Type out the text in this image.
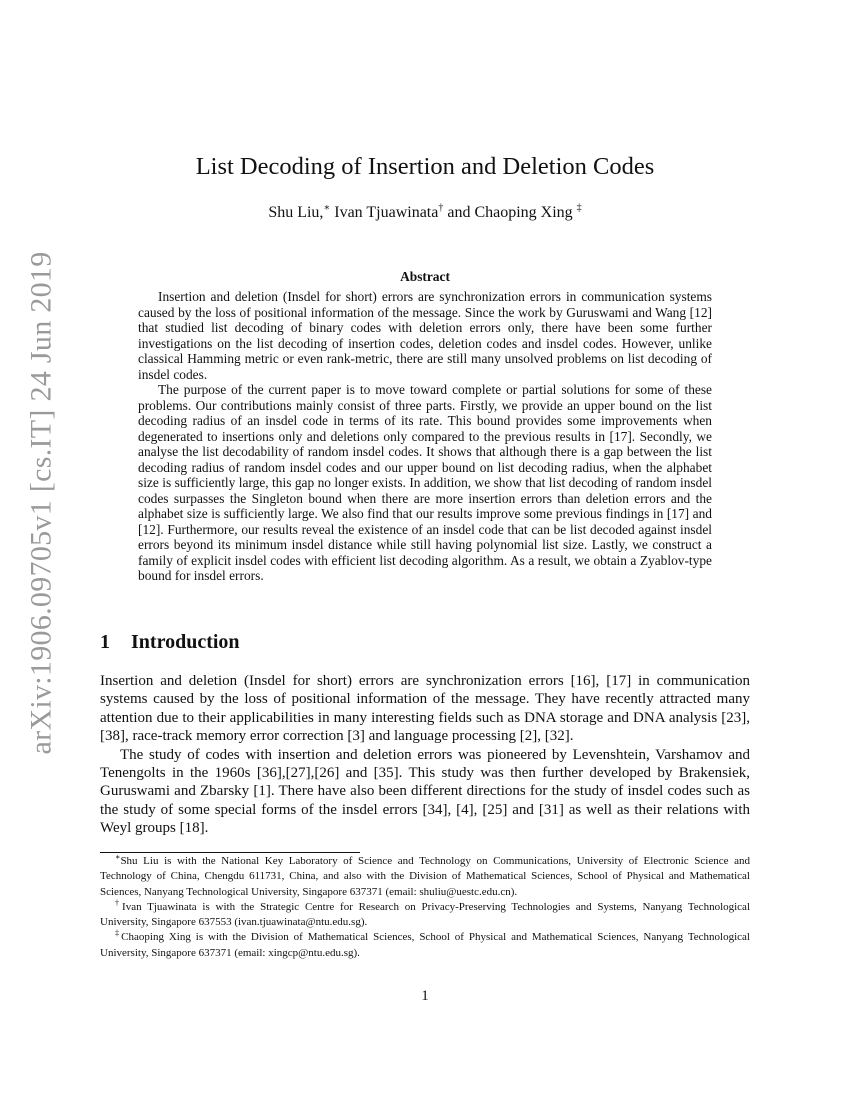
arXiv:1906.09705v1 [cs.IT] 24 Jun 2019
List Decoding of Insertion and Deletion Codes
Shu Liu,∗ Ivan Tjuawinata† and Chaoping Xing ‡
Abstract

Insertion and deletion (Insdel for short) errors are synchronization errors in communication systems caused by the loss of positional information of the message. Since the work by Guruswami and Wang [12] that studied list decoding of binary codes with deletion errors only, there have been some further investigations on the list decoding of insertion codes, deletion codes and insdel codes. However, unlike classical Hamming metric or even rank-metric, there are still many unsolved problems on list decoding of insdel codes.

The purpose of the current paper is to move toward complete or partial solutions for some of these problems. Our contributions mainly consist of three parts. Firstly, we provide an upper bound on the list decoding radius of an insdel code in terms of its rate. This bound provides some improvements when degenerated to insertions only and deletions only compared to the previous results in [17]. Secondly, we analyse the list decodability of random insdel codes. It shows that although there is a gap between the list decoding radius of random insdel codes and our upper bound on list decoding radius, when the alphabet size is sufficiently large, this gap no longer exists. In addition, we show that list decoding of random insdel codes surpasses the Singleton bound when there are more insertion errors than deletion errors and the alphabet size is sufficiently large. We also find that our results improve some previous findings in [17] and [12]. Furthermore, our results reveal the existence of an insdel code that can be list decoded against insdel errors beyond its minimum insdel distance while still having polynomial list size. Lastly, we construct a family of explicit insdel codes with efficient list decoding algorithm. As a result, we obtain a Zyablov-type bound for insdel errors.

1 Introduction

Insertion and deletion (Insdel for short) errors are synchronization errors [16], [17] in communication systems caused by the loss of positional information of the message. They have recently attracted many attention due to their applicabilities in many interesting fields such as DNA storage and DNA analysis [23], [38], race-track memory error correction [3] and language processing [2], [32].

The study of codes with insertion and deletion errors was pioneered by Levenshtein, Varshamov and Tenengolts in the 1960s [36],[27],[26] and [35]. This study was then further developed by Brakensiek, Guruswami and Zbarsky [1]. There have also been different directions for the study of insdel codes such as the study of some special forms of the insdel errors [34], [4], [25] and [31] as well as their relations with Weyl groups [18].

∗Shu Liu is with the National Key Laboratory of Science and Technology on Communications, University of Electronic Science and Technology of China, Chengdu 611731, China, and also with the Division of Mathematical Sciences, School of Physical and Mathematical Sciences, Nanyang Technological University, Singapore 637371 (email: shuliu@uestc.edu.cn).

†Ivan Tjuawinata is with the Strategic Centre for Research on Privacy-Preserving Technologies and Systems, Nanyang Technological University, Singapore 637553 (ivan.tjuawinata@ntu.edu.sg).

‡Chaoping Xing is with the Division of Mathematical Sciences, School of Physical and Mathematical Sciences, Nanyang Technological University, Singapore 637371 (email: xingcp@ntu.edu.sg).

1
